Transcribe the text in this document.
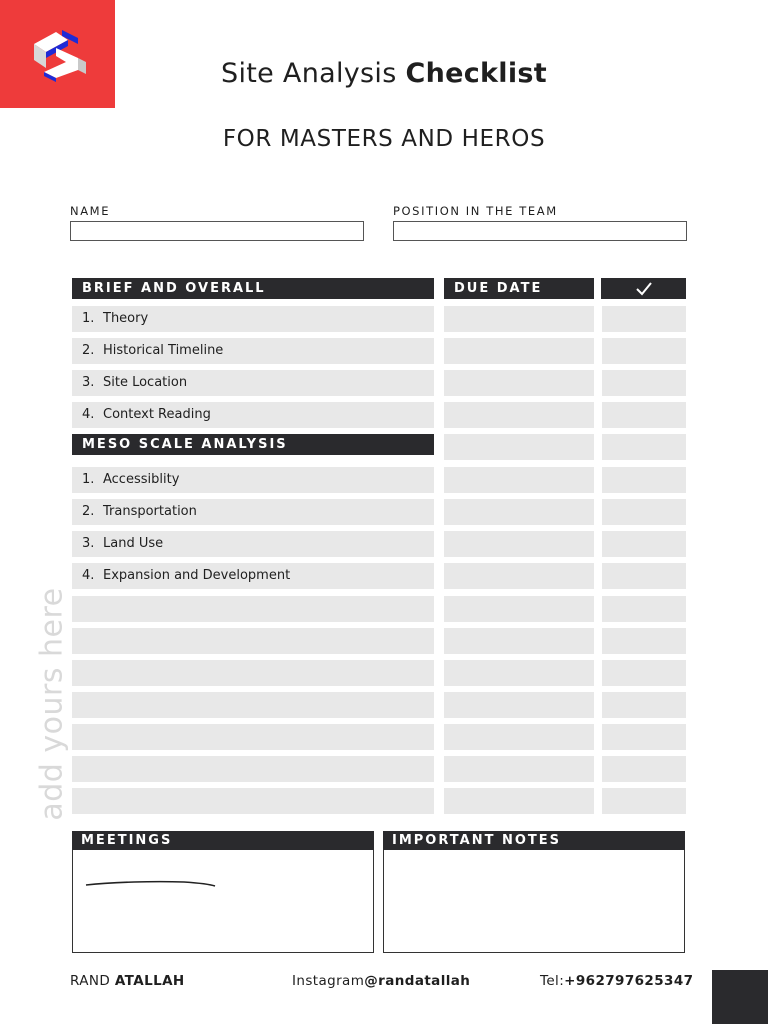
Site Analysis Checklist
FOR MASTERS AND HEROS
NAME	POSITION IN THE TEAM
BRIEF AND OVERALL	DUE DATE
1. Theory
2. Historical Timeline
3. Site Location
4. Context Reading
MESO SCALE ANALYSIS
1. Accessiblity
2. Transportation
3. Land Use
4. Expansion and Development
add yours here
MEETINGS	IMPORTANT NOTES
RAND ATALLAH	Instagram@randatallah	Tel:+962797625347
